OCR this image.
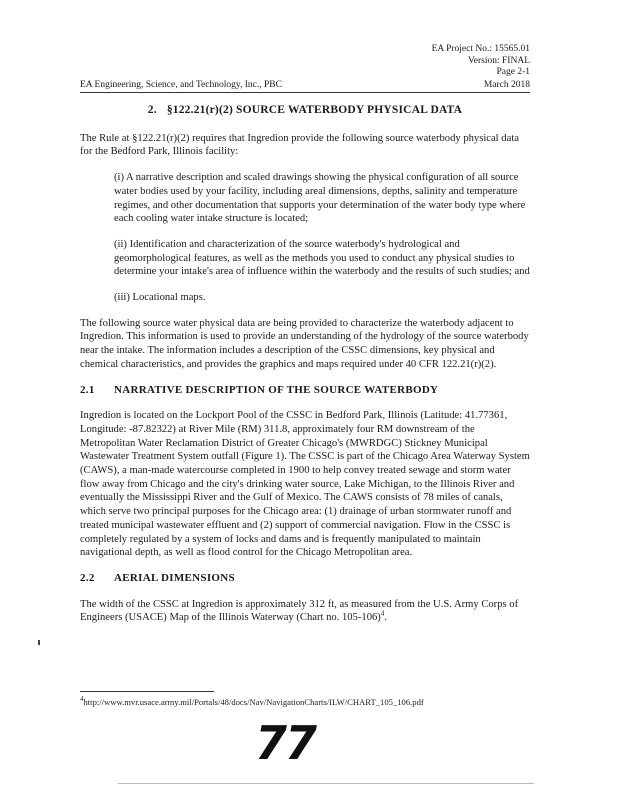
EA Project No.: 15565.01
Version: FINAL
Page 2-1
EA Engineering, Science, and Technology, Inc., PBC	March 2018
2. §122.21(r)(2) SOURCE WATERBODY PHYSICAL DATA

The Rule at §122.21(r)(2) requires that Ingredion provide the following source waterbody physical data for the Bedford Park, Illinois facility:

(i) A narrative description and scaled drawings showing the physical configuration of all source water bodies used by your facility, including areal dimensions, depths, salinity and temperature regimes, and other documentation that supports your determination of the water body type where each cooling water intake structure is located;

(ii) Identification and characterization of the source waterbody's hydrological and geomorphological features, as well as the methods you used to conduct any physical studies to determine your intake's area of influence within the waterbody and the results of such studies; and

(iii) Locational maps.

The following source water physical data are being provided to characterize the waterbody adjacent to Ingredion. This information is used to provide an understanding of the hydrology of the source waterbody near the intake. The information includes a description of the CSSC dimensions, key physical and chemical characteristics, and provides the graphics and maps required under 40 CFR 122.21(r)(2).

2.1 NARRATIVE DESCRIPTION OF THE SOURCE WATERBODY

Ingredion is located on the Lockport Pool of the CSSC in Bedford Park, Illinois (Latitude: 41.77361, Longitude: -87.82322) at River Mile (RM) 311.8, approximately four RM downstream of the Metropolitan Water Reclamation District of Greater Chicago's (MWRDGC) Stickney Municipal Wastewater Treatment System outfall (Figure 1). The CSSC is part of the Chicago Area Waterway System (CAWS), a man-made watercourse completed in 1900 to help convey treated sewage and storm water flow away from Chicago and the city's drinking water source, Lake Michigan, to the Illinois River and eventually the Mississippi River and the Gulf of Mexico. The CAWS consists of 78 miles of canals, which serve two principal purposes for the Chicago area: (1) drainage of urban stormwater runoff and treated municipal wastewater effluent and (2) support of commercial navigation. Flow in the CSSC is completely regulated by a system of locks and dams and is frequently manipulated to maintain navigational depth, as well as flood control for the Chicago Metropolitan area.

2.2 AERIAL DIMENSIONS

The width of the CSSC at Ingredion is approximately 312 ft, as measured from the U.S. Army Corps of Engineers (USACE) Map of the Illinois Waterway (Chart no. 105-106)$^4$.

$^4$http://www.mvr.usace.army.mil/Portals/48/docs/Nav/NavigationCharts/ILW/CHART_105_106.pdf
77
